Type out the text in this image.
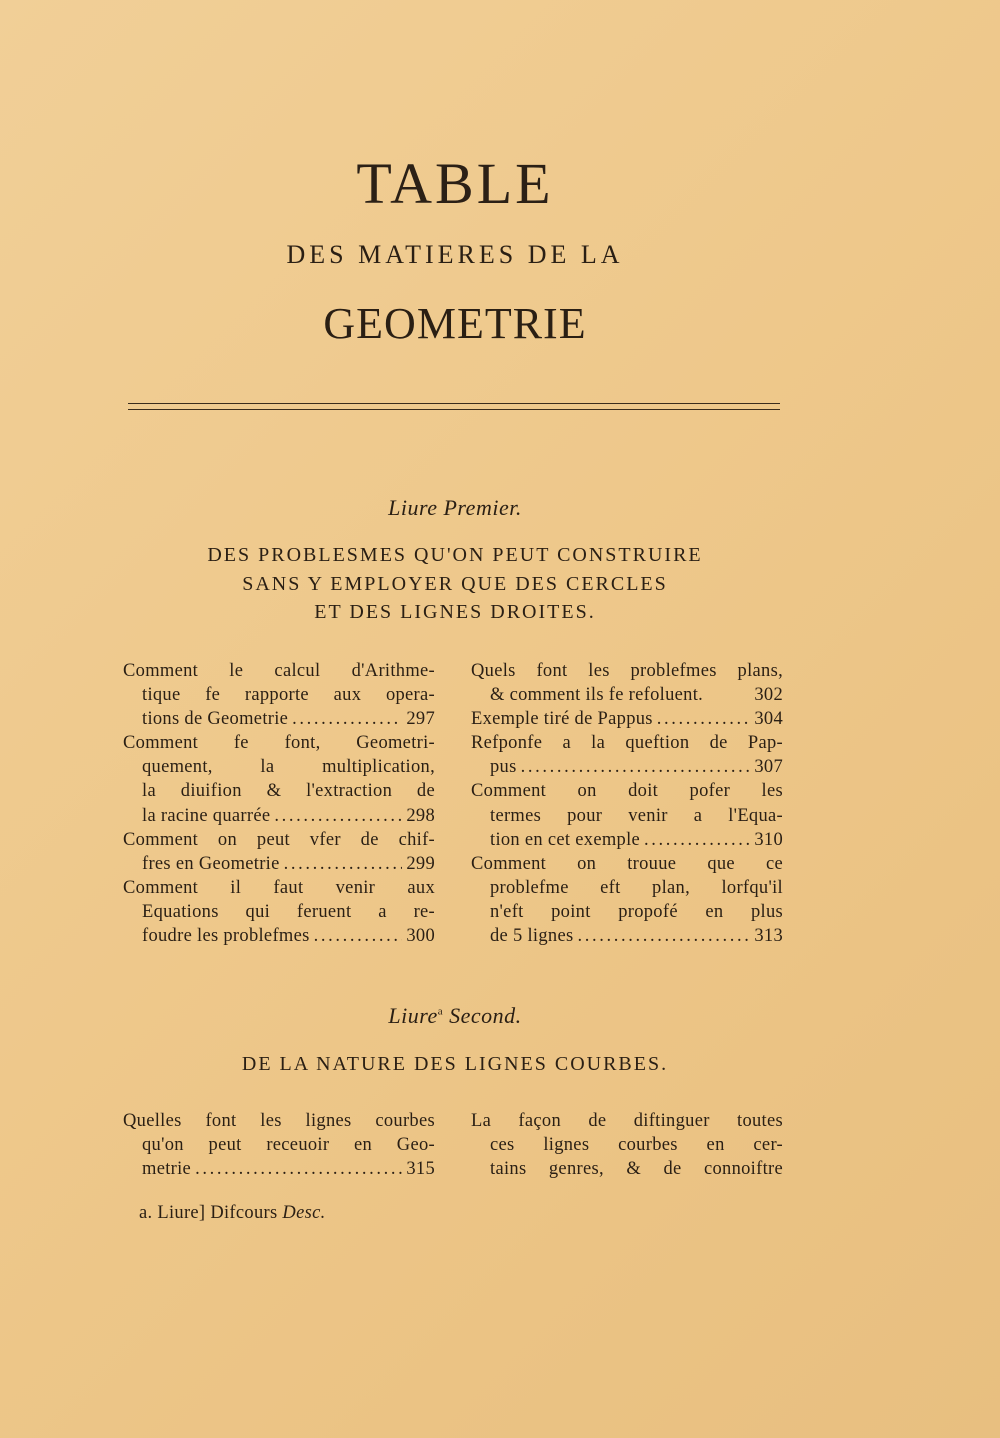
TABLE
DES MATIERES DE LA
GEOMETRIE
Liure Premier.
DES PROBLESMES QU'ON PEUT CONSTRUIRE
SANS Y EMPLOYER QUE DES CERCLES
ET DES LIGNES DROITES.
Comment le calcul d'Arithme-
tique fe rapporte aux opera-
tions de Geometrie . . .	297
Comment fe font, Geometri-
quement, la multiplication,
la diuifion & l'extraction de
la racine quarrée . . .	298
Comment on peut vfer de chif-
fres en Geometrie . . .	299
Comment il faut venir aux
Equations qui feruent a re-
foudre les problefmes . . .	300
Quels font les problefmes plans,
& comment ils fe refoluent.	302
Exemple tiré de Pappus . . .	304
Refponfe a la queftion de Pap-
pus . . .	307
Comment on doit pofer les
termes pour venir a l'Equa-
tion en cet exemple . . .	310
Comment on trouue que ce
problefme eft plan, lorfqu'il
n'eft point propofé en plus
de 5 lignes . . .	313
Liure$^a$ Second.
DE LA NATURE DES LIGNES COURBES.
Quelles font les lignes courbes
qu'on peut receuoir en Geo-
metrie . . .	315
La façon de diftinguer toutes
ces lignes courbes en cer-
tains genres, & de connoiftre
a. Liure] Difcours Desc.
